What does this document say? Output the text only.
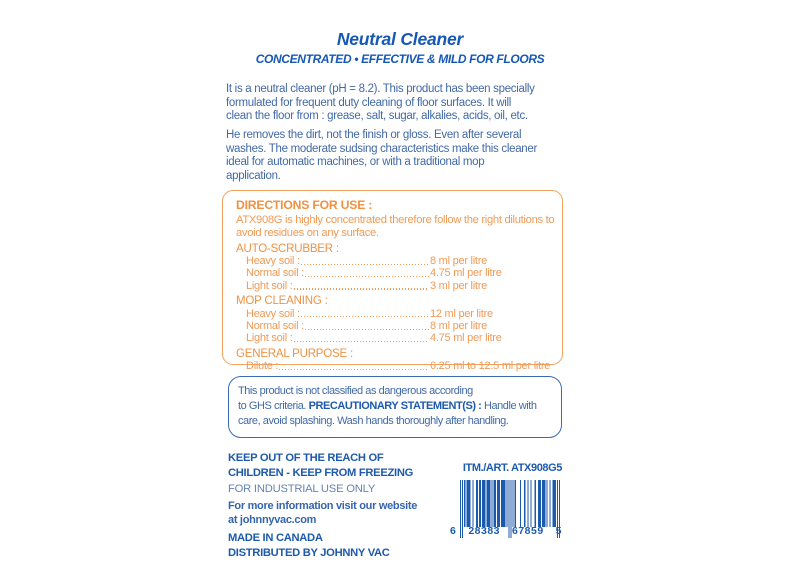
Neutral Cleaner
CONCENTRATED • EFFECTIVE & MILD FOR FLOORS
It is a neutral cleaner (pH = 8.2). This product has been specially
formulated for frequent duty cleaning of floor surfaces. It will
clean the floor from : grease, salt, sugar, alkalies, acids, oil, etc.
He removes the dirt, not the finish or gloss. Even after several
washes. The moderate sudsing characteristics make this cleaner
ideal for automatic machines, or with a traditional mop
application.
DIRECTIONS FOR USE :
ATX908G is highly concentrated therefore follow the right dilutions to
avoid residues on any surface.
AUTO-SCRUBBER :
Heavy soil :	8 ml per litre
Normal soil :	4.75 ml per litre
Light soil :	3 ml per litre
MOP CLEANING :
Heavy soil :	12 ml per litre
Normal soil :	8 ml per litre
Light soil :	4.75 ml per litre
GENERAL PURPOSE :
Dilute :	6.25 ml to 12.5 ml per litre
This product is not classified as dangerous according
to GHS criteria. PRECAUTIONARY STATEMENT(S) : Handle with
care, avoid splashing. Wash hands thoroughly after handling.
KEEP OUT OF THE REACH OF
CHILDREN - KEEP FROM FREEZING
FOR INDUSTRIAL USE ONLY
For more information visit our website
at johnnyvac.com
MADE IN CANADA
DISTRIBUTED BY JOHNNY VAC
ITM./ART. ATX908G5
6 28383 67859 5
